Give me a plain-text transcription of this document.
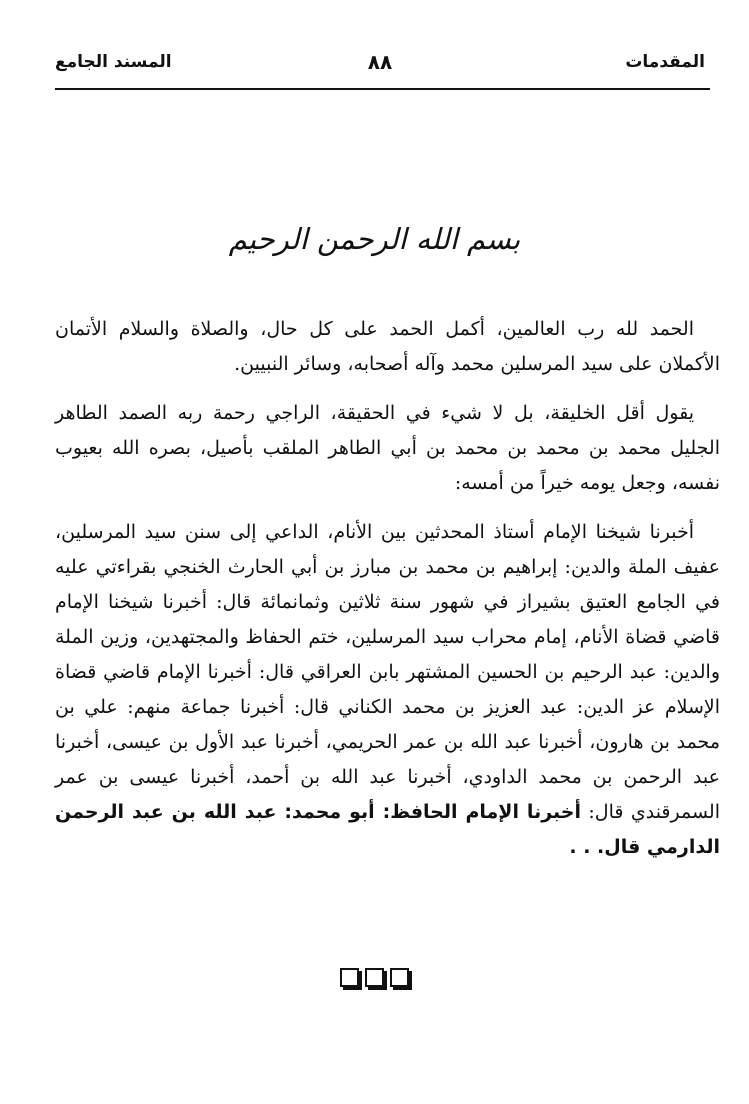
المقدمات
٨٨
المسند الجامع
بسم الله الرحمن الرحيم

الحمد لله رب العالمين، أكمل الحمد على كل حال، والصلاة والسلام الأتمان الأكملان على سيد المرسلين محمد وآله أصحابه، وسائر النبيين.

يقول أقل الخليقة، بل لا شيء في الحقيقة، الراجي رحمة ربه الصمد الطاهر الجليل محمد بن محمد بن محمد بن أبي الطاهر الملقب بأصيل، بصره الله بعيوب نفسه، وجعل يومه خيراً من أمسه:

أخبرنا شيخنا الإمام أستاذ المحدثين بين الأنام، الداعي إلى سنن سيد المرسلين، عفيف الملة والدين: إبراهيم بن محمد بن مبارز بن أبي الحارث الخنجي بقراءتي عليه في الجامع العتيق بشيراز في شهور سنة ثلاثين وثمانمائة قال: أخبرنا شيخنا الإمام قاضي قضاة الأنام، إمام محراب سيد المرسلين، ختم الحفاظ والمجتهدين، وزين الملة والدين: عبد الرحيم بن الحسين المشتهر بابن العراقي قال: أخبرنا الإمام قاضي قضاة الإسلام عز الدين: عبد العزيز بن محمد الكناني قال: أخبرنا جماعة منهم: علي بن محمد بن هارون، أخبرنا عبد الله بن عمر الحريمي، أخبرنا عبد الأول بن عيسى، أخبرنا عبد الرحمن بن محمد الداودي، أخبرنا عبد الله بن أحمد، أخبرنا عيسى بن عمر السمرقندي قال: أخبرنا الإمام الحافظ: أبو محمد: عبد الله بن عبد الرحمن الدارمي قال. . .
